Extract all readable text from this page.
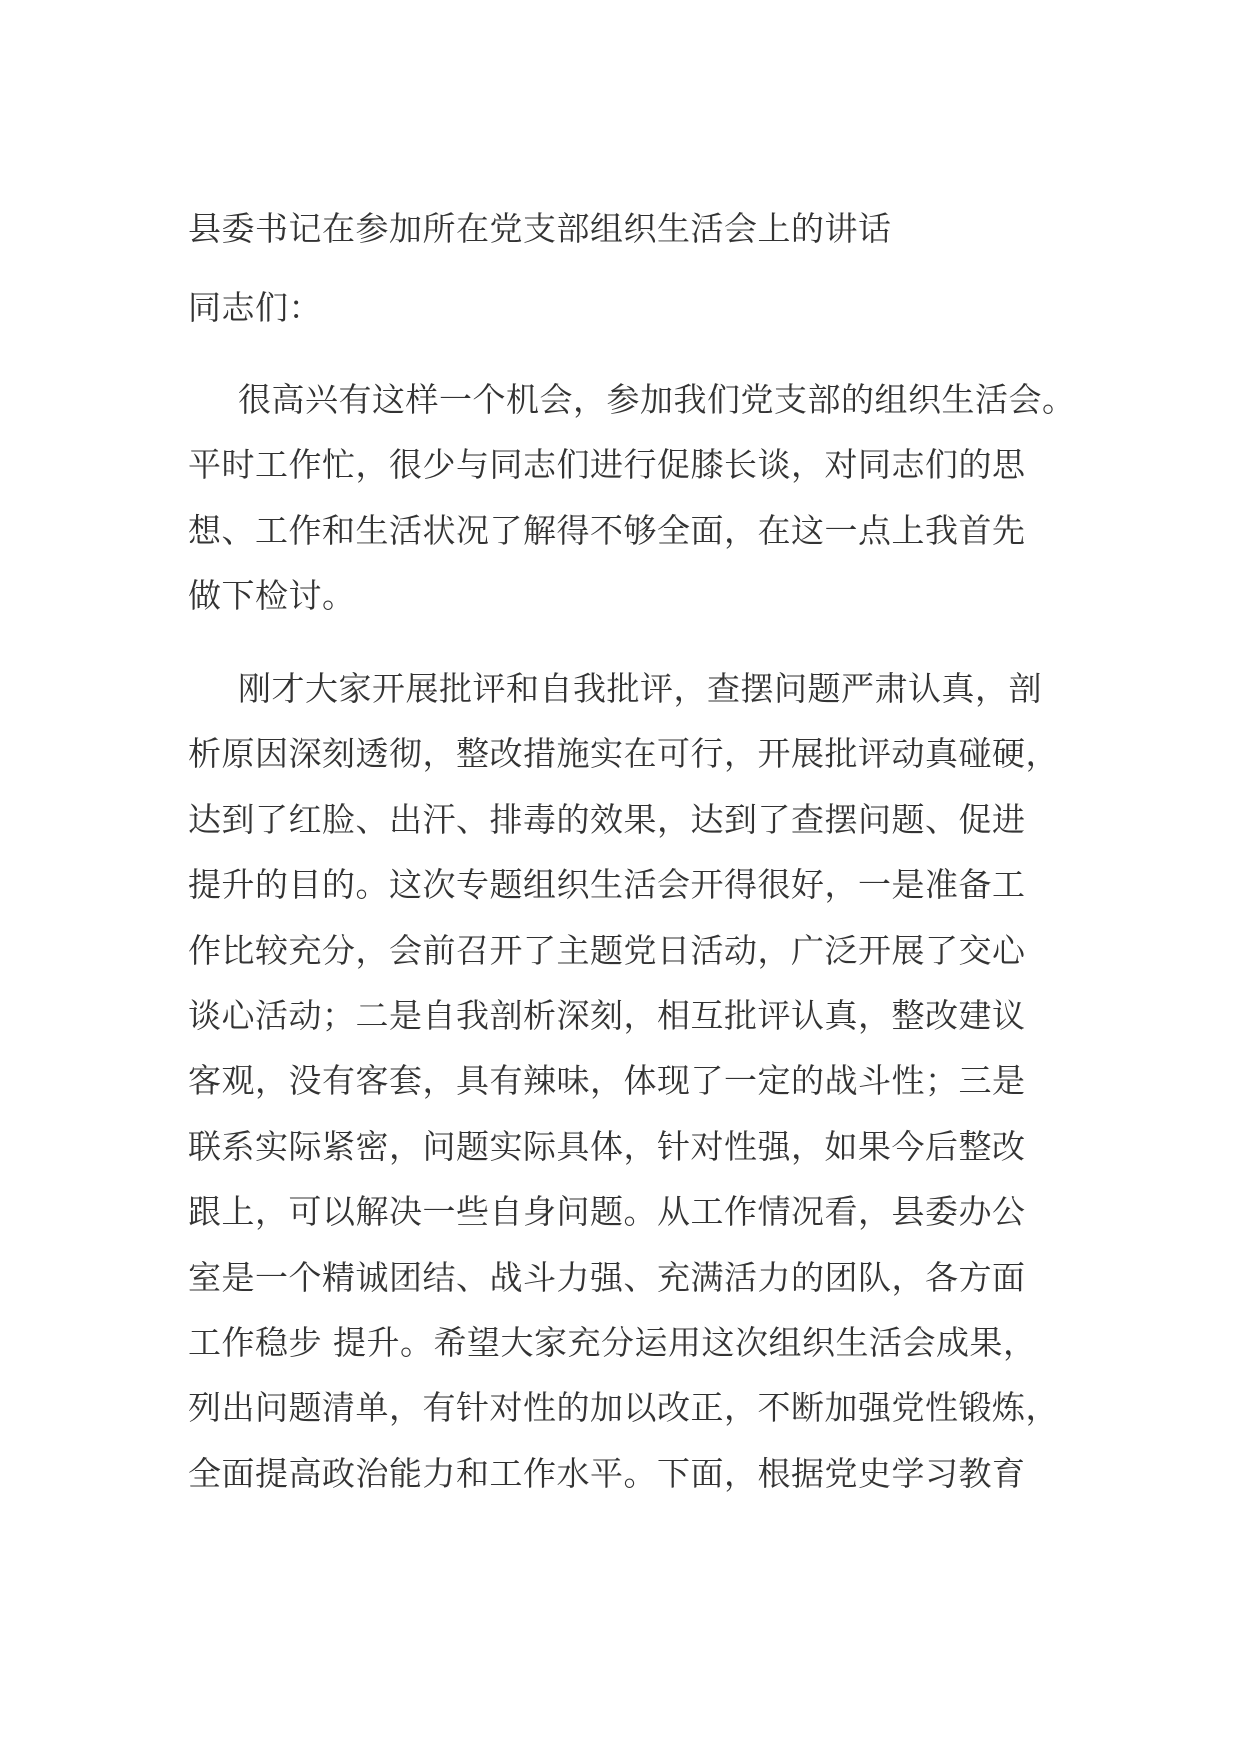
县委书记在参加所在党支部组织生活会上的讲话
同志们：
很高兴有这样一个机会，参加我们党支部的组织生活会。
平时工作忙，很少与同志们进行促膝长谈，对同志们的思
想、工作和生活状况了解得不够全面，在这一点上我首先
做下检讨。
刚才大家开展批评和自我批评，查摆问题严肃认真，剖
析原因深刻透彻，整改措施实在可行，开展批评动真碰硬，
达到了红脸、出汗、排毒的效果，达到了查摆问题、促进
提升的目的。这次专题组织生活会开得很好，一是准备工
作比较充分，会前召开了主题党日活动，广泛开展了交心
谈心活动；二是自我剖析深刻，相互批评认真，整改建议
客观，没有客套，具有辣味，体现了一定的战斗性；三是
联系实际紧密，问题实际具体，针对性强，如果今后整改
跟上，可以解决一些自身问题。从工作情况看，县委办公
室是一个精诚团结、战斗力强、充满活力的团队，各方面
工作稳步 提升。希望大家充分运用这次组织生活会成果，
列出问题清单，有针对性的加以改正，不断加强党性锻炼，
全面提高政治能力和工作水平。下面，根据党史学习教育
